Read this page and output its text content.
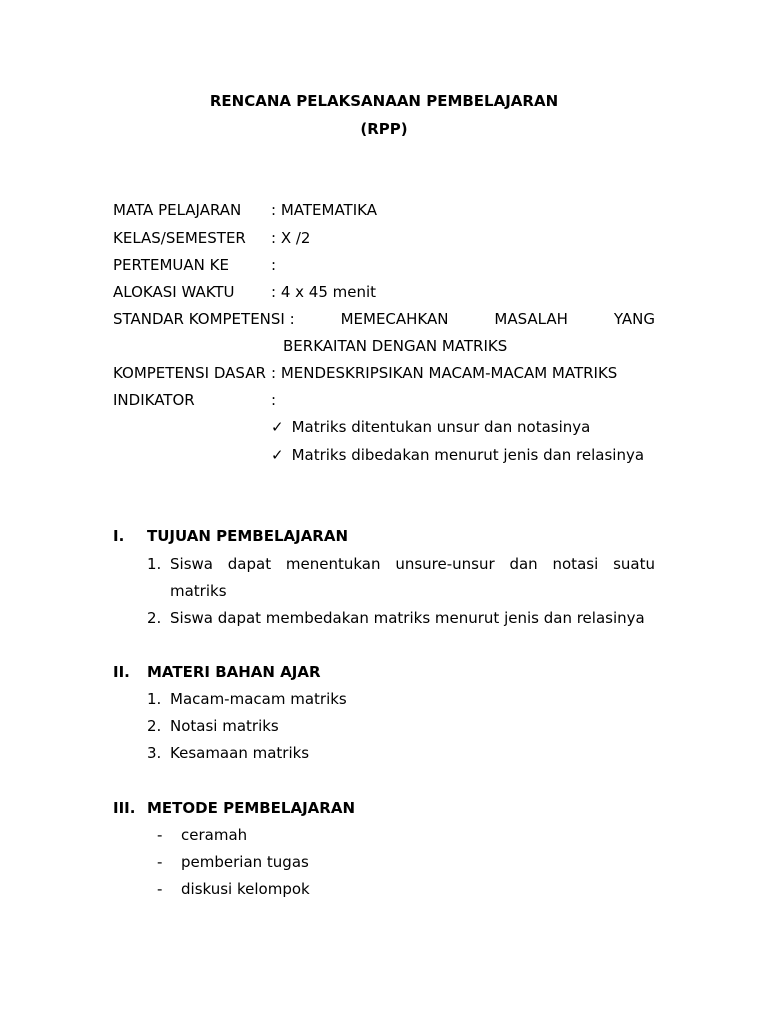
RENCANA PELAKSANAAN PEMBELAJARAN
(RPP)
MATA PELAJARAN : MATEMATIKA
KELAS/SEMESTER : X /2
PERTEMUAN KE	:
ALOKASI WAKTU : 4 x 45 menit
STANDAR KOMPETENSI :	MEMECAHKAN	MASALAH	YANG
BERKAITAN DENGAN MATRIKS
KOMPETENSI DASAR : MENDESKRIPSIKAN MACAM-MACAM MATRIKS
INDIKATOR	:
✓ Matriks ditentukan unsur dan notasinya
✓ Matriks dibedakan menurut jenis dan relasinya
I. TUJUAN PEMBELAJARAN
1. Siswa dapat menentukan unsure-unsur dan notasi suatu
matriks
2. Siswa dapat membedakan matriks menurut jenis dan relasinya
II. MATERI BAHAN AJAR
1. Macam-macam matriks
2. Notasi matriks
3. Kesamaan matriks
III. METODE PEMBELAJARAN
- ceramah
- pemberian tugas
- diskusi kelompok
